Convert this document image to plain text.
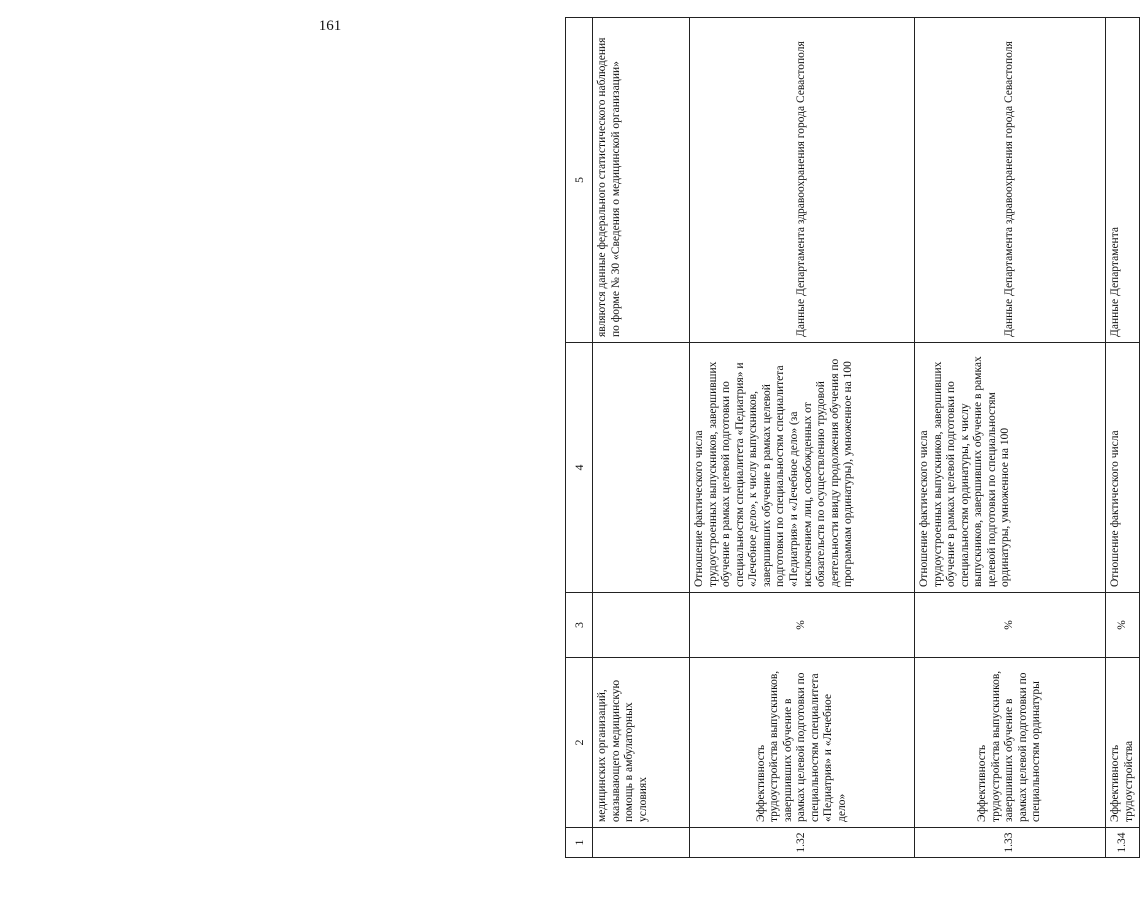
161
1	2	3	4	5
	медицинских организаций, оказывающего медицинскую помощь в амбулаторных условиях			являются данные федерального статистического наблюдения по форме № 30 «Сведения о медицинской организации»
1.32	Эффективность трудоустройства выпускников, завершивших обучение в рамках целевой подготовки по специальностям специалитета «Педиатрия» и «Лечебное дело»	%	Отношение фактического числа трудоустроенных выпускников, завершивших обучение в рамках целевой подготовки по специальностям специалитета «Педиатрия» и «Лечебное дело», к числу выпускников, завершивших обучение в рамках целевой подготовки по специальностям специалитета «Педиатрия» и «Лечебное дело» (за исключением лиц, освобожденных от обязательств по осуществлению трудовой деятельности ввиду продолжения обучения по программам ординатуры), умноженное на 100	Данные Департамента здравоохранения города Севастополя
1.33	Эффективность трудоустройства выпускников, завершивших обучение в рамках целевой подготовки по специальностям ординатуры	%	Отношение фактического числа трудоустроенных выпускников, завершивших обучение в рамках целевой подготовки по специальностям ординатуры, к числу выпускников, завершивших обучение в рамках целевой подготовки по специальностям ординатуры, умноженное на 100	Данные Департамента здравоохранения города Севастополя
1.34	Эффективность трудоустройства	%	Отношение фактического числа	Данные Департамента
